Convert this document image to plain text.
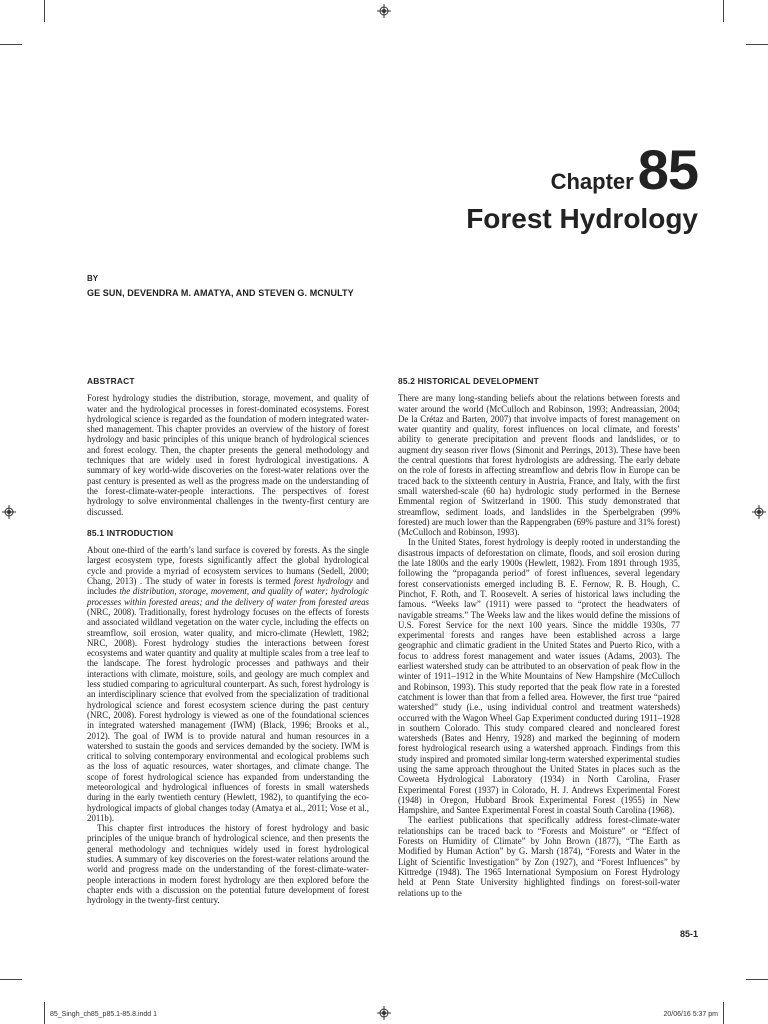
Chapter85
Forest Hydrology
BY
GE SUN, DEVENDRA M. AMATYA, AND STEVEN G. MCNULTY
ABSTRACT

Forest hydrology studies the distribution, storage, movement, and quality of water and the hydrological processes in forest-dominated ecosystems. Forest hydrological science is regarded as the foundation of modern integrated water-shed management. This chapter provides an overview of the history of forest hydrology and basic principles of this unique branch of hydrological sciences and forest ecology. Then, the chapter presents the general methodology and techniques that are widely used in forest hydrological investigations. A summary of key world-wide discoveries on the forest-water relations over the past century is presented as well as the progress made on the understanding of the forest-climate-water-people interactions. The perspectives of forest hydrology to solve environmental challenges in the twenty-first century are discussed.

85.1 INTRODUCTION

About one-third of the earth’s land surface is covered by forests. As the single largest ecosystem type, forests significantly affect the global hydrological cycle and provide a myriad of ecosystem services to humans (Sedell, 2000; Chang, 2013) . The study of water in forests is termed forest hydrology and includes the distribution, storage, movement, and quality of water; hydrologic processes within forested areas; and the delivery of water from forested areas (NRC, 2008). Traditionally, forest hydrology focuses on the effects of forests and associated wildland vegetation on the water cycle, including the effects on streamflow, soil erosion, water quality, and micro-climate (Hewlett, 1982; NRC, 2008). Forest hydrology studies the interactions between forest ecosystems and water quantity and quality at multiple scales from a tree leaf to the landscape. The forest hydrologic processes and pathways and their interactions with climate, moisture, soils, and geology are much complex and less studied comparing to agricultural counterpart. As such, forest hydrology is an interdisciplinary science that evolved from the specialization of traditional hydrological science and forest ecosystem science during the past century (NRC, 2008). Forest hydrology is viewed as one of the foundational sciences in integrated watershed management (IWM) (Black, 1996; Brooks et al., 2012). The goal of IWM is to provide natural and human resources in a watershed to sustain the goods and services demanded by the society. IWM is critical to solving contemporary environmental and ecological problems such as the loss of aquatic resources, water shortages, and climate change. The scope of forest hydrological science has expanded from understanding the meteorological and hydrological influences of forests in small watersheds during in the early twentieth century (Hewlett, 1982), to quantifying the eco-hydrological impacts of global changes today (Amatya et al., 2011; Vose et al., 2011b).

This chapter first introduces the history of forest hydrology and basic principles of the unique branch of hydrological science, and then presents the general methodology and techniques widely used in forest hydrological studies. A summary of key discoveries on the forest-water relations around the world and progress made on the understanding of the forest-climate-water-people interactions in modern forest hydrology are then explored before the chapter ends with a discussion on the potential future development of forest hydrology in the twenty-first century.

85.2 HISTORICAL DEVELOPMENT

There are many long-standing beliefs about the relations between forests and water around the world (McCulloch and Robinson, 1993; Andreassian, 2004; De la Crétaz and Barten, 2007) that involve impacts of forest management on water quantity and quality, forest influences on local climate, and forests’ ability to generate precipitation and prevent floods and landslides, or to augment dry season river flows (Simonit and Perrings, 2013). These have been the central questions that forest hydrologists are addressing. The early debate on the role of forests in affecting streamflow and debris flow in Europe can be traced back to the sixteenth century in Austria, France, and Italy, with the first small watershed-scale (60 ha) hydrologic study performed in the Bernese Emmental region of Switzerland in 1900. This study demonstrated that streamflow, sediment loads, and landslides in the Sperbelgraben (99% forested) are much lower than the Rappengraben (69% pasture and 31% forest) (McCulloch and Robinson, 1993).

In the United States, forest hydrology is deeply rooted in understanding the disastrous impacts of deforestation on climate, floods, and soil erosion during the late 1800s and the early 1900s (Hewlett, 1982). From 1891 through 1935, following the “propaganda period” of forest influences, several legendary forest conservationists emerged including B. E. Fernow, R. B. Hough, C. Pinchot, F. Roth, and T. Roosevelt. A series of historical laws including the famous. “Weeks law” (1911) were passed to “protect the headwaters of navigable streams.” The Weeks law and the likes would define the missions of U.S. Forest Service for the next 100 years. Since the middle 1930s, 77 experimental forests and ranges have been established across a large geographic and climatic gradient in the United States and Puerto Rico, with a focus to address forest management and water issues (Adams, 2003). The earliest watershed study can be attributed to an observation of peak flow in the winter of 1911–1912 in the White Mountains of New Hampshire (McCulloch and Robinson, 1993). This study reported that the peak flow rate in a forested catchment is lower than that from a felled area. However, the first true “paired watershed” study (i.e., using individual control and treatment watersheds) occurred with the Wagon Wheel Gap Experiment conducted during 1911–1928 in southern Colorado. This study compared cleared and noncleared forest watersheds (Bates and Henry, 1928) and marked the beginning of modern forest hydrological research using a watershed approach. Findings from this study inspired and promoted similar long-term watershed experimental studies using the same approach throughout the United States in places such as the Coweeta Hydrological Laboratory (1934) in North Carolina, Fraser Experimental Forest (1937) in Colorado, H. J. Andrews Experimental Forest (1948) in Oregon, Hubbard Brook Experimental Forest (1955) in New Hampshire, and Santee Experimental Forest in coastal South Carolina (1968).

The earliest publications that specifically address forest-climate-water relationships can be traced back to “Forests and Moisture” or “Effect of Forests on Humidity of Climate” by John Brown (1877), “The Earth as Modified by Human Action” by G. Marsh (1874), “Forests and Water in the Light of Scientific Investigation” by Zon (1927), and “Forest Influences” by Kittredge (1948). The 1965 International Symposium on Forest Hydrology held at Penn State University highlighted findings on forest-soil-water relations up to the

85-1
85_Singh_ch85_p85.1-85.8.indd 1	20/06/16 5:37 pm
